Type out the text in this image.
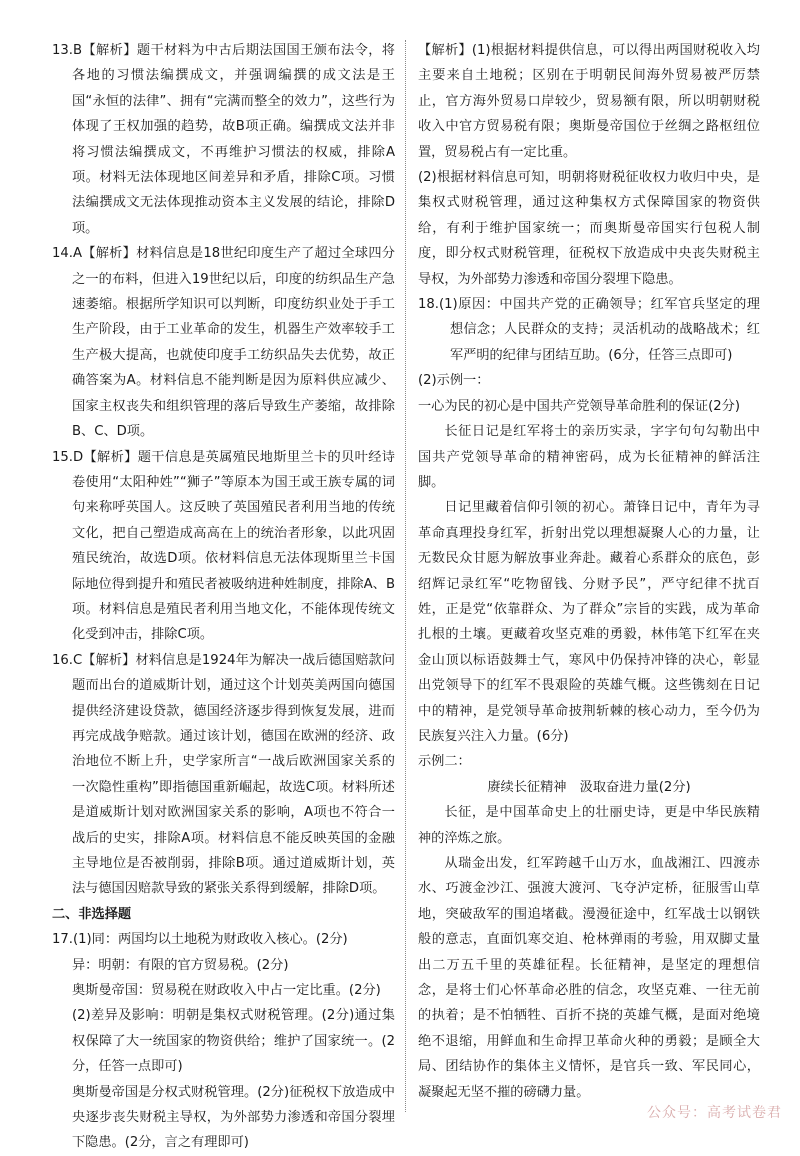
13.B【解析】题干材料为中古后期法国国王颁布法令，将各地的习惯法编撰成文，并强调编撰的成文法是王国“永恒的法律”、拥有“完满而整全的效力”，这些行为体现了王权加强的趋势，故B项正确。编撰成文法并非将习惯法编撰成文，不再维护习惯法的权威，排除A项。材料无法体现地区间差异和矛盾，排除C项。习惯法编撰成文无法体现推动资本主义发展的结论，排除D项。

14.A【解析】材料信息是18世纪印度生产了超过全球四分之一的布料，但进入19世纪以后，印度的纺织品生产急速萎缩。根据所学知识可以判断，印度纺织业处于手工生产阶段，由于工业革命的发生，机器生产效率较手工生产极大提高，也就使印度手工纺织品失去优势，故正确答案为A。材料信息不能判断是因为原料供应减少、国家主权丧失和组织管理的落后导致生产萎缩，故排除B、C、D项。

15.D【解析】题干信息是英属殖民地斯里兰卡的贝叶经诗卷使用“太阳种姓”“狮子”等原本为国王或王族专属的词句来称呼英国人。这反映了英国殖民者利用当地的传统文化，把自己塑造成高高在上的统治者形象，以此巩固殖民统治，故选D项。依材料信息无法体现斯里兰卡国际地位得到提升和殖民者被吸纳进种姓制度，排除A、B项。材料信息是殖民者利用当地文化，不能体现传统文化受到冲击，排除C项。

16.C【解析】材料信息是1924年为解决一战后德国赔款问题而出台的道威斯计划，通过这个计划英美两国向德国提供经济建设贷款，德国经济逐步得到恢复发展，进而再完成战争赔款。通过该计划，德国在欧洲的经济、政治地位不断上升，史学家所言“一战后欧洲国家关系的一次隐性重构”即指德国重新崛起，故选C项。材料所述是道威斯计划对欧洲国家关系的影响，A项也不符合一战后的史实，排除A项。材料信息不能反映英国的金融主导地位是否被削弱，排除B项。通过道威斯计划，英法与德国因赔款导致的紧张关系得到缓解，排除D项。

二、非选择题

17.(1)同：两国均以土地税为财政收入核心。(2分)

异：明朝：有限的官方贸易税。(2分)

奥斯曼帝国：贸易税在财政收入中占一定比重。(2分)

(2)差异及影响：明朝是集权式财税管理。(2分)通过集权保障了大一统国家的物资供给；维护了国家统一。(2分，任答一点即可)

奥斯曼帝国是分权式财税管理。(2分)征税权下放造成中央逐步丧失财税主导权，为外部势力渗透和帝国分裂埋下隐患。(2分，言之有理即可)

【解析】(1)根据材料提供信息，可以得出两国财税收入均主要来自土地税；区别在于明朝民间海外贸易被严厉禁止，官方海外贸易口岸较少，贸易额有限，所以明朝财税收入中官方贸易税有限；奥斯曼帝国位于丝绸之路枢纽位置，贸易税占有一定比重。

(2)根据材料信息可知，明朝将财税征收权力收归中央，是集权式财税管理，通过这种集权方式保障国家的物资供给，有利于维护国家统一；而奥斯曼帝国实行包税人制度，即分权式财税管理，征税权下放造成中央丧失财税主导权，为外部势力渗透和帝国分裂埋下隐患。

18.(1)原因：中国共产党的正确领导；红军官兵坚定的理想信念；人民群众的支持；灵活机动的战略战术；红军严明的纪律与团结互助。(6分，任答三点即可)

(2)示例一：

一心为民的初心是中国共产党领导革命胜利的保证(2分)

长征日记是红军将士的亲历实录，字字句句勾勒出中国共产党领导革命的精神密码，成为长征精神的鲜活注脚。

日记里藏着信仰引领的初心。萧锋日记中，青年为寻革命真理投身红军，折射出党以理想凝聚人心的力量，让无数民众甘愿为解放事业奔赴。藏着心系群众的底色，彭绍辉记录红军“吃物留钱、分财予民”，严守纪律不扰百姓，正是党“依靠群众、为了群众”宗旨的实践，成为革命扎根的土壤。更藏着攻坚克难的勇毅，林伟笔下红军在夹金山顶以标语鼓舞士气，寒风中仍保持冲锋的决心，彰显出党领导下的红军不畏艰险的英雄气概。这些镌刻在日记中的精神，是党领导革命披荆斩棘的核心动力，至今仍为民族复兴注入力量。(6分)

示例二：

赓续长征精神　汲取奋进力量(2分)

长征，是中国革命史上的壮丽史诗，更是中华民族精神的淬炼之旅。

从瑞金出发，红军跨越千山万水，血战湘江、四渡赤水、巧渡金沙江、强渡大渡河、飞夺泸定桥，征服雪山草地，突破敌军的围追堵截。漫漫征途中，红军战士以钢铁般的意志，直面饥寒交迫、枪林弹雨的考验，用双脚丈量出二万五千里的英雄征程。长征精神，是坚定的理想信念，是将士们心怀革命必胜的信念，攻坚克难、一往无前的执着；是不怕牺牲、百折不挠的英雄气概，是面对绝境绝不退缩，用鲜血和生命捍卫革命火种的勇毅；是顾全大局、团结协作的集体主义情怀，是官兵一致、军民同心，凝聚起无坚不摧的磅礴力量。

公众号：高考试卷君
